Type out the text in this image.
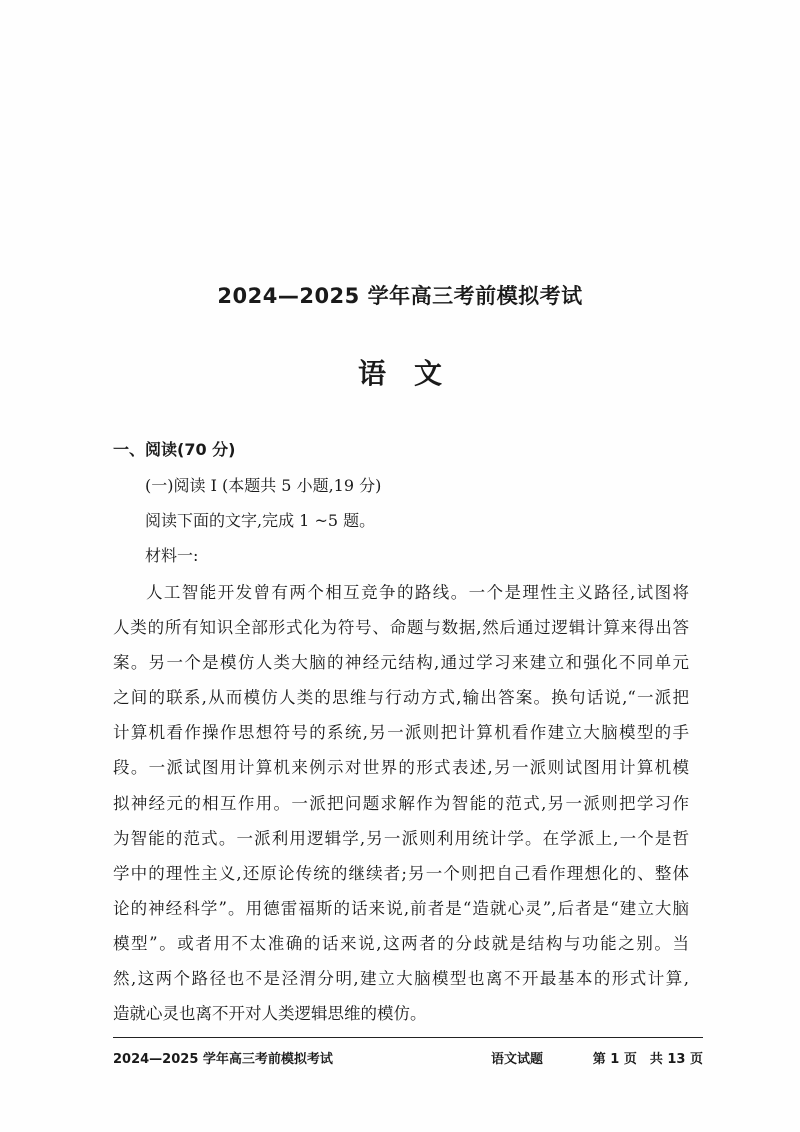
2024—2025 学年高三考前模拟考试
语文
一、阅读(70 分)
(一)阅读 I (本题共 5 小题,19 分)
阅读下面的文字,完成 1 ~5 题。
材料一:
人工智能开发曾有两个相互竞争的路线。一个是理性主义路径,试图将
人类的所有知识全部形式化为符号、命题与数据,然后通过逻辑计算来得出答
案。另一个是模仿人类大脑的神经元结构,通过学习来建立和强化不同单元
之间的联系,从而模仿人类的思维与行动方式,输出答案。换句话说,“一派把
计算机看作操作思想符号的系统,另一派则把计算机看作建立大脑模型的手
段。一派试图用计算机来例示对世界的形式表述,另一派则试图用计算机模
拟神经元的相互作用。一派把问题求解作为智能的范式,另一派则把学习作
为智能的范式。一派利用逻辑学,另一派则利用统计学。在学派上,一个是哲
学中的理性主义,还原论传统的继续者;另一个则把自己看作理想化的、整体
论的神经科学”。用德雷福斯的话来说,前者是“造就心灵”,后者是“建立大脑
模型”。或者用不太准确的话来说,这两者的分歧就是结构与功能之别。当
然,这两个路径也不是泾渭分明,建立大脑模型也离不开最基本的形式计算,
造就心灵也离不开对人类逻辑思维的模仿。
2024—2025 学年高三考前模拟考试	语文试题	第 1 页　共 13 页
